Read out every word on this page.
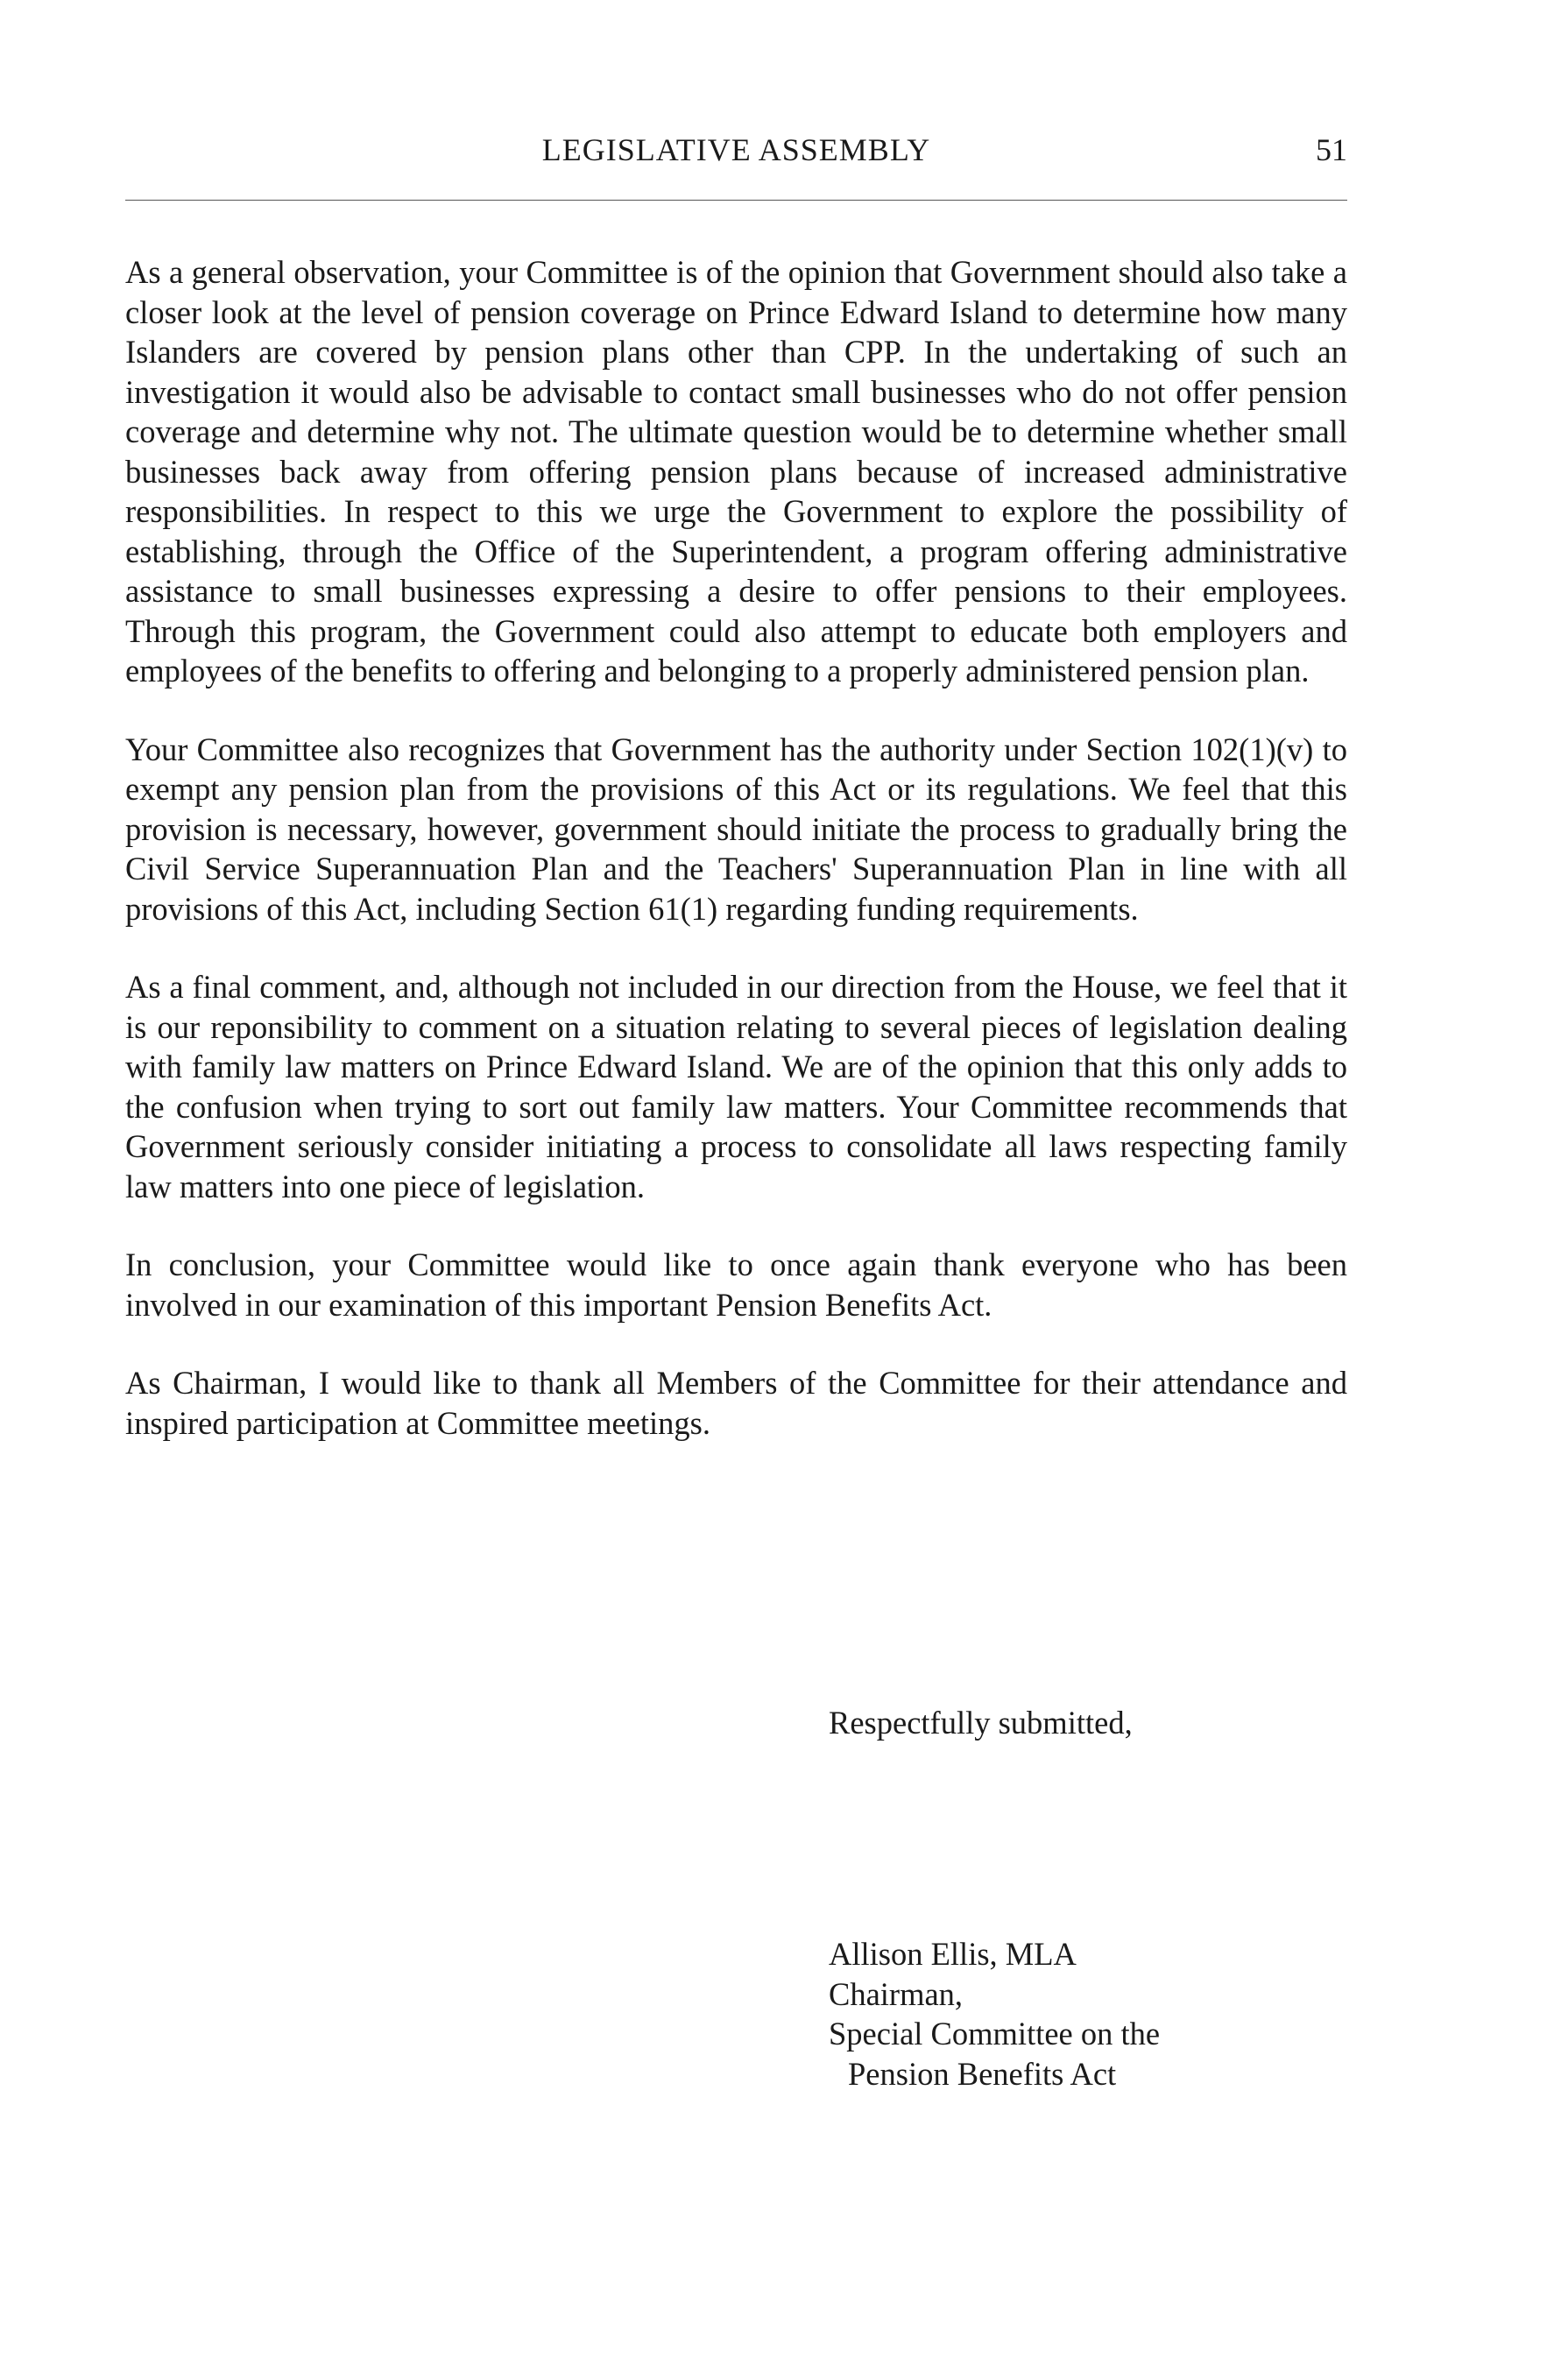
LEGISLATIVE ASSEMBLY	51

As a general observation, your Committee is of the opinion that Government should also take a closer look at the level of pension coverage on Prince Edward Island to determine how many Islanders are covered by pension plans other than CPP. In the undertaking of such an investigation it would also be advisable to contact small businesses who do not offer pension coverage and determine why not. The ultimate question would be to determine whether small businesses back away from offering pension plans because of increased administrative responsibilities. In respect to this we urge the Government to explore the possibility of establishing, through the Office of the Superintendent, a program offering administrative assistance to small businesses expressing a desire to offer pensions to their employees. Through this program, the Government could also attempt to educate both employers and employees of the benefits to offering and belonging to a properly administered pension plan.

Your Committee also recognizes that Government has the authority under Section 102(1)(v) to exempt any pension plan from the provisions of this Act or its regulations. We feel that this provision is necessary, however, government should initiate the process to gradually bring the Civil Service Superannuation Plan and the Teachers' Superannuation Plan in line with all provisions of this Act, including Section 61(1) regarding funding requirements.

As a final comment, and, although not included in our direction from the House, we feel that it is our reponsibility to comment on a situation relating to several pieces of legislation dealing with family law matters on Prince Edward Island. We are of the opinion that this only adds to the confusion when trying to sort out family law matters. Your Committee recommends that Government seriously consider initiating a process to consolidate all laws respecting family law matters into one piece of legislation.

In conclusion, your Committee would like to once again thank everyone who has been involved in our examination of this important Pension Benefits Act.

As Chairman, I would like to thank all Members of the Committee for their attendance and inspired participation at Committee meetings.

Respectfully submitted,
Allison Ellis, MLA
Chairman,
Special Committee on the
Pension Benefits Act
